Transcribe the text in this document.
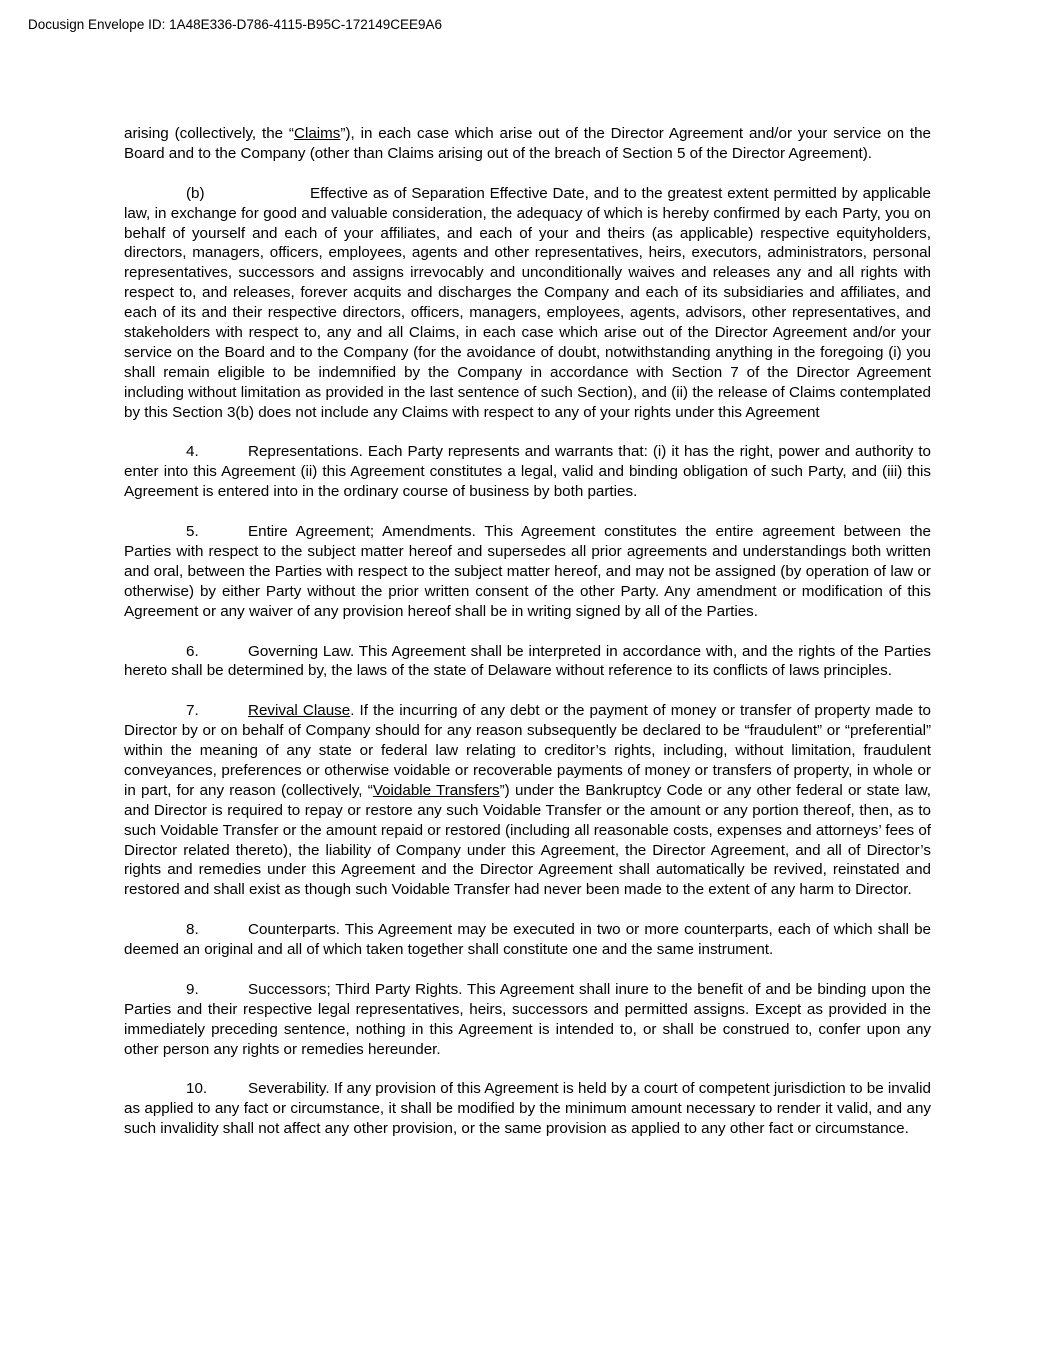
Docusign Envelope ID: 1A48E336-D786-4115-B95C-172149CEE9A6

arising (collectively, the “Claims”), in each case which arise out of the Director Agreement and/or your service on the Board and to the Company (other than Claims arising out of the breach of Section 5 of the Director Agreement).

(b)	Effective as of Separation Effective Date, and to the greatest extent permitted by applicable law, in exchange for good and valuable consideration, the adequacy of which is hereby confirmed by each Party, you on behalf of yourself and each of your affiliates, and each of your and theirs (as applicable) respective equityholders, directors, managers, officers, employees, agents and other representatives, heirs, executors, administrators, personal representatives, successors and assigns irrevocably and unconditionally waives and releases any and all rights with respect to, and releases, forever acquits and discharges the Company and each of its subsidiaries and affiliates, and each of its and their respective directors, officers, managers, employees, agents, advisors, other representatives, and stakeholders with respect to, any and all Claims, in each case which arise out of the Director Agreement and/or your service on the Board and to the Company (for the avoidance of doubt, notwithstanding anything in the foregoing (i) you shall remain eligible to be indemnified by the Company in accordance with Section 7 of the Director Agreement including without limitation as provided in the last sentence of such Section), and (ii) the release of Claims contemplated by this Section 3(b) does not include any Claims with respect to any of your rights under this Agreement

4.	Representations. Each Party represents and warrants that: (i) it has the right, power and authority to enter into this Agreement (ii) this Agreement constitutes a legal, valid and binding obligation of such Party, and (iii) this Agreement is entered into in the ordinary course of business by both parties.

5.	Entire Agreement; Amendments. This Agreement constitutes the entire agreement between the Parties with respect to the subject matter hereof and supersedes all prior agreements and understandings both written and oral, between the Parties with respect to the subject matter hereof, and may not be assigned (by operation of law or otherwise) by either Party without the prior written consent of the other Party. Any amendment or modification of this Agreement or any waiver of any provision hereof shall be in writing signed by all of the Parties.

6.	Governing Law. This Agreement shall be interpreted in accordance with, and the rights of the Parties hereto shall be determined by, the laws of the state of Delaware without reference to its conflicts of laws principles.

7.	Revival Clause. If the incurring of any debt or the payment of money or transfer of property made to Director by or on behalf of Company should for any reason subsequently be declared to be “fraudulent” or “preferential” within the meaning of any state or federal law relating to creditor’s rights, including, without limitation, fraudulent conveyances, preferences or otherwise voidable or recoverable payments of money or transfers of property, in whole or in part, for any reason (collectively, “Voidable Transfers”) under the Bankruptcy Code or any other federal or state law, and Director is required to repay or restore any such Voidable Transfer or the amount or any portion thereof, then, as to such Voidable Transfer or the amount repaid or restored (including all reasonable costs, expenses and attorneys’ fees of Director related thereto), the liability of Company under this Agreement, the Director Agreement, and all of Director’s rights and remedies under this Agreement and the Director Agreement shall automatically be revived, reinstated and restored and shall exist as though such Voidable Transfer had never been made to the extent of any harm to Director.

8.	Counterparts. This Agreement may be executed in two or more counterparts, each of which shall be deemed an original and all of which taken together shall constitute one and the same instrument.

9.	Successors; Third Party Rights. This Agreement shall inure to the benefit of and be binding upon the Parties and their respective legal representatives, heirs, successors and permitted assigns. Except as provided in the immediately preceding sentence, nothing in this Agreement is intended to, or shall be construed to, confer upon any other person any rights or remedies hereunder.

10.	Severability. If any provision of this Agreement is held by a court of competent jurisdiction to be invalid as applied to any fact or circumstance, it shall be modified by the minimum amount necessary to render it valid, and any such invalidity shall not affect any other provision, or the same provision as applied to any other fact or circumstance.
